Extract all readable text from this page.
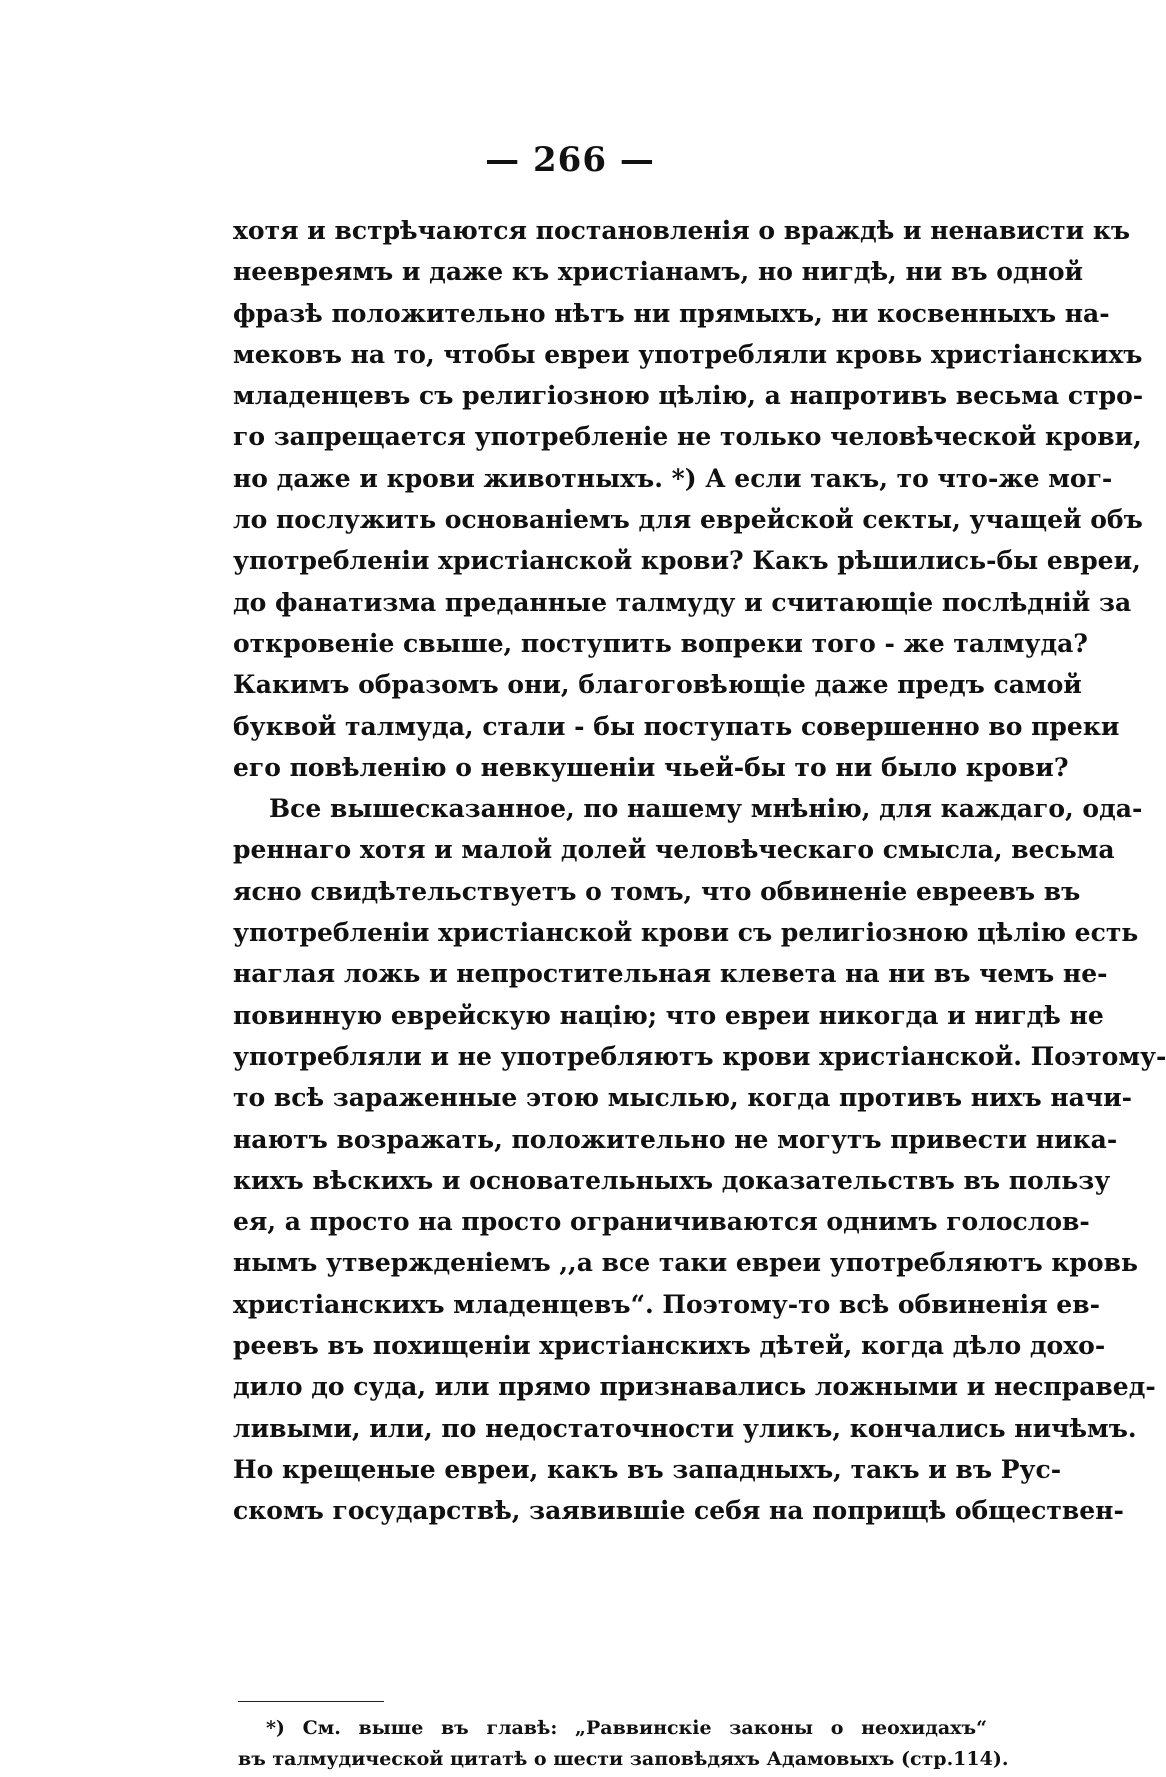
— 266 —
хотя и встрѣчаются постановленія о враждѣ и ненависти къ
неевреямъ и даже къ христіанамъ, но нигдѣ, ни въ одной
фразѣ положительно нѣтъ ни прямыхъ, ни косвенныхъ на-
мековъ на то, чтобы евреи употребляли кровь христіанскихъ
младенцевъ съ религіозною цѣлію, а напротивъ весьма стро-
го запрещается употребленіе не только человѣческой крови,
но даже и крови животныхъ. *) А если такъ, то что-же мог-
ло послужить основаніемъ для еврейской секты, учащей объ
употребленіи христіанской крови? Какъ рѣшились-бы евреи,
до фанатизма преданные талмуду и считающіе послѣдній за
откровеніе свыше, поступить вопреки того - же талмуда?
Какимъ образомъ они, благоговѣющіе даже предъ самой
буквой талмуда, стали - бы поступать совершенно во преки
его повѣленію о невкушеніи чьей-бы то ни было крови?
Все вышесказанное, по нашему мнѣнію, для каждаго, ода-
реннаго хотя и малой долей человѣческаго смысла, весьма
ясно свидѣтельствуетъ о томъ, что обвиненіе евреевъ въ
употребленіи христіанской крови съ религіозною цѣлію есть
наглая ложь и непростительная клевета на ни въ чемъ не-
повинную еврейскую націю; что евреи никогда и нигдѣ не
употребляли и не употребляютъ крови христіанской. Поэтому-
то всѣ зараженные этою мыслью, когда противъ нихъ начи-
наютъ возражать, положительно не могутъ привести никa-
кихъ вѣскихъ и основательныхъ доказательствъ въ пользу
ея, а просто на просто ограничиваются однимъ голослов-
нымъ утвержденіемъ ,,а все таки евреи употребляютъ кровь
христіанскихъ младенцевъ“. Поэтому-то всѣ обвиненія ев-
реевъ въ похищеніи христіанскихъ дѣтей, когда дѣло дохо-
дило до суда, или прямо признавались ложными и несправед-
ливыми, или, по недостаточности уликъ, кончались ничѣмъ.
Но крещеные евреи, какъ въ западныхъ, такъ и въ Рус-
скомъ государствѣ, заявившіе себя на поприщѣ обществен-
*) См. выше въ главѣ: „Раввинскіе законы о неохидахъ“
въ талмудической цитатѣ о шести заповѣдяхъ Адамовыхъ (стр.114).
